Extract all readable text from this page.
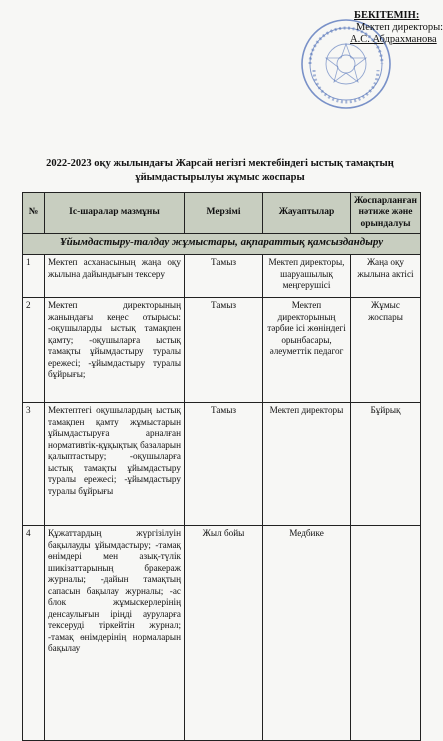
БЕКІТЕМІН:
Мектеп директоры:
А.С. Абдрахманова
2022-2023 оқу жылындағы Жарсай негізгі мектебіндегі ыстық тамақтың
ұйымдастырылуы жұмыс жоспары
№	Іс-шаралар мазмұны	Мерзімі	Жауаптылар	Жоспарланған нәтиже және орындалуы
Ұйымдастыру-талдау жұмыстары, ақпараттық қамсыздандыру				
1	Мектеп асханасының жаңа оқу жылына дайындығын тексеру	Тамыз	Мектеп директоры, шаруашылық меңгерушісі	Жаңа оқу жылына актісі
2	Мектеп директорының жанындағы кеңес отырысы: -оқушыларды ыстық тамақпен қамту; -оқушыларға ыстық тамақты ұйымдастыру туралы ережесі; -ұйымдастыру туралы бұйрығы;	Тамыз	Мектеп директорының тәрбие ісі жөніндегі орынбасары, әлеуметтік педагог	Жұмыс жоспары
3	Мектептегі оқушылардың ыстық тамақпен қамту жұмыстарын ұйымдастыруға арналған нормативтік-құқықтық базаларын қалыптастыру; -оқушыларға ыстық тамақты ұйымдастыру туралы ережесі; -ұйымдастыру туралы бұйрығы	Тамыз	Мектеп директоры	Бұйрық
4	Құжаттардың жүргізілуін бақылауды ұйымдастыру; -тамақ өнімдері мен азық-түлік шикізаттарының бракераж журналы; -дайын тамақтың сапасын бақылау журналы; -ас блок жұмыскерлерінің денсаулығын іріңді ауруларға тексеруді тіркейтін журнал; -тамақ өнімдерінің нормаларын бақылау	Жыл бойы	Медбике	
